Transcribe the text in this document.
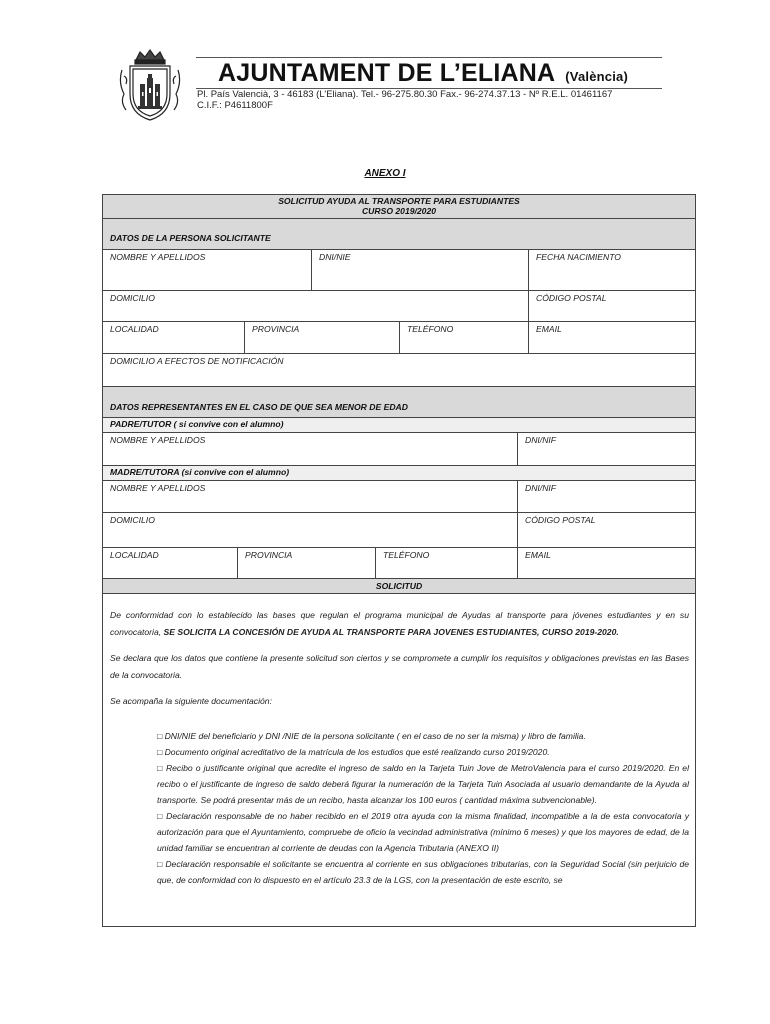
AJUNTAMENT DE L’ELIANA (València)
Pl. País Valencià, 3 - 46183 (L’Eliana). Tel.- 96-275.80.30 Fax.- 96-274.37.13 - Nº R.E.L. 01461167
C.I.F.: P4611800F
ANEXO I
SOLICITUD AYUDA AL TRANSPORTE PARA ESTUDIANTES
CURSO 2019/2020
DATOS DE LA PERSONA SOLICITANTE
NOMBRE Y APELLIDOS	DNI/NIE	FECHA NACIMIENTO
DOMICILIO	CÓDIGO POSTAL
LOCALIDAD	PROVINCIA	TELÉFONO	EMAIL
DOMICILIO A EFECTOS DE NOTIFICACIÓN
DATOS REPRESENTANTES EN EL CASO DE QUE SEA MENOR DE EDAD
PADRE/TUTOR ( si convive con el alumno)
NOMBRE Y APELLIDOS	DNI/NIF
MADRE/TUTORA (si convive con el alumno)
NOMBRE Y APELLIDOS	DNI/NIF
DOMICILIO	CÓDIGO POSTAL
LOCALIDAD	PROVINCIA	TELÉFONO	EMAIL
SOLICITUD

De conformidad con lo establecido las bases que regulan el programa municipal de Ayudas al transporte para jóvenes estudiantes y en su convocatoria, SE SOLICITA LA CONCESIÓN DE AYUDA AL TRANSPORTE PARA JOVENES ESTUDIANTES, CURSO 2019-2020.

Se declara que los datos que contiene la presente solicitud son ciertos y se compromete a cumplir los requisitos y obligaciones previstas en las Bases de la convocatoria.

Se acompaña la siguiente documentación:

□ DNI/NIE del beneficiario y DNI /NIE de la persona solicitante ( en el caso de no ser la misma) y libro de familia.

□ Documento original acreditativo de la matrícula de los estudios que esté realizando curso 2019/2020.

□ Recibo o justificante original que acredite el ingreso de saldo en la Tarjeta Tuin Jove de MetroValencia para el curso 2019/2020. En el recibo o el justificante de ingreso de saldo deberá figurar la numeración de la Tarjeta Tuin Asociada al usuario demandante de la Ayuda al transporte. Se podrá presentar más de un recibo, hasta alcanzar los 100 euros ( cantidad máxima subvencionable).

□ Declaración responsable de no haber recibido en el 2019 otra ayuda con la misma finalidad, incompatible a la de esta convocatoria y autorización para que el Ayuntamiento, compruebe de oficio la vecindad administrativa (mínimo 6 meses) y que los mayores de edad, de la unidad familiar se encuentran al corriente de deudas con la Agencia Tributaria (ANEXO II)

□ Declaración responsable el solicitante se encuentra al corriente en sus obligaciones tributarias, con la Seguridad Social (sin perjuicio de que, de conformidad con lo dispuesto en el artículo 23.3 de la LGS, con la presentación de este escrito, se
